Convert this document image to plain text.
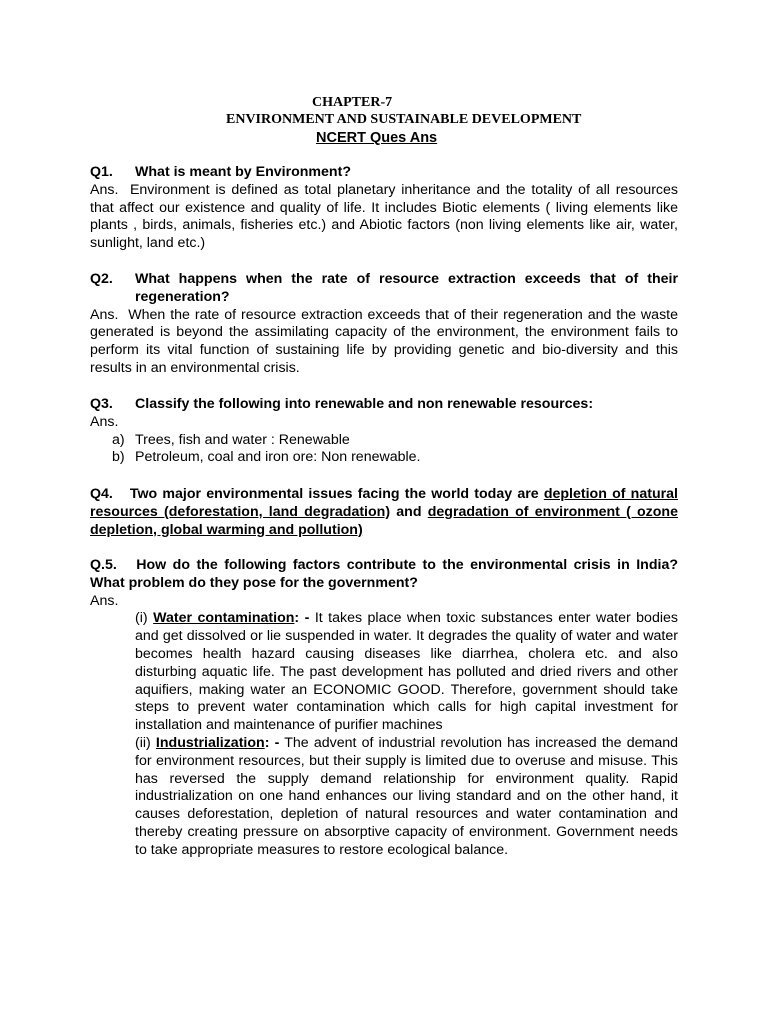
CHAPTER-7
ENVIRONMENT AND SUSTAINABLE DEVELOPMENT
NCERT Ques Ans
Q1.	What is meant by Environment?
Ans. Environment is defined as total planetary inheritance and the totality of all resources that affect our existence and quality of life. It includes Biotic elements ( living elements like plants , birds, animals, fisheries etc.) and Abiotic factors (non living elements like air, water, sunlight, land etc.)
Q2.	What happens when the rate of resource extraction exceeds that of their regeneration?
Ans. When the rate of resource extraction exceeds that of their regeneration and the waste generated is beyond the assimilating capacity of the environment, the environment fails to perform its vital function of sustaining life by providing genetic and bio-diversity and this results in an environmental crisis.
Q3.	Classify the following into renewable and non renewable resources:
Ans.
a) Trees, fish and water : Renewable
b) Petroleum, coal and iron ore: Non renewable.
Q4. Two major environmental issues facing the world today are depletion of natural resources (deforestation, land degradation) and degradation of environment ( ozone depletion, global warming and pollution)
Q.5. How do the following factors contribute to the environmental crisis in India? What problem do they pose for the government?
Ans.
(i) Water contamination: - It takes place when toxic substances enter water bodies and get dissolved or lie suspended in water. It degrades the quality of water and water becomes health hazard causing diseases like diarrhea, cholera etc. and also disturbing aquatic life. The past development has polluted and dried rivers and other aquifiers, making water an ECONOMIC GOOD. Therefore, government should take steps to prevent water contamination which calls for high capital investment for installation and maintenance of purifier machines
(ii) Industrialization: - The advent of industrial revolution has increased the demand for environment resources, but their supply is limited due to overuse and misuse. This has reversed the supply demand relationship for environment quality. Rapid industrialization on one hand enhances our living standard and on the other hand, it causes deforestation, depletion of natural resources and water contamination and thereby creating pressure on absorptive capacity of environment. Government needs to take appropriate measures to restore ecological balance.
